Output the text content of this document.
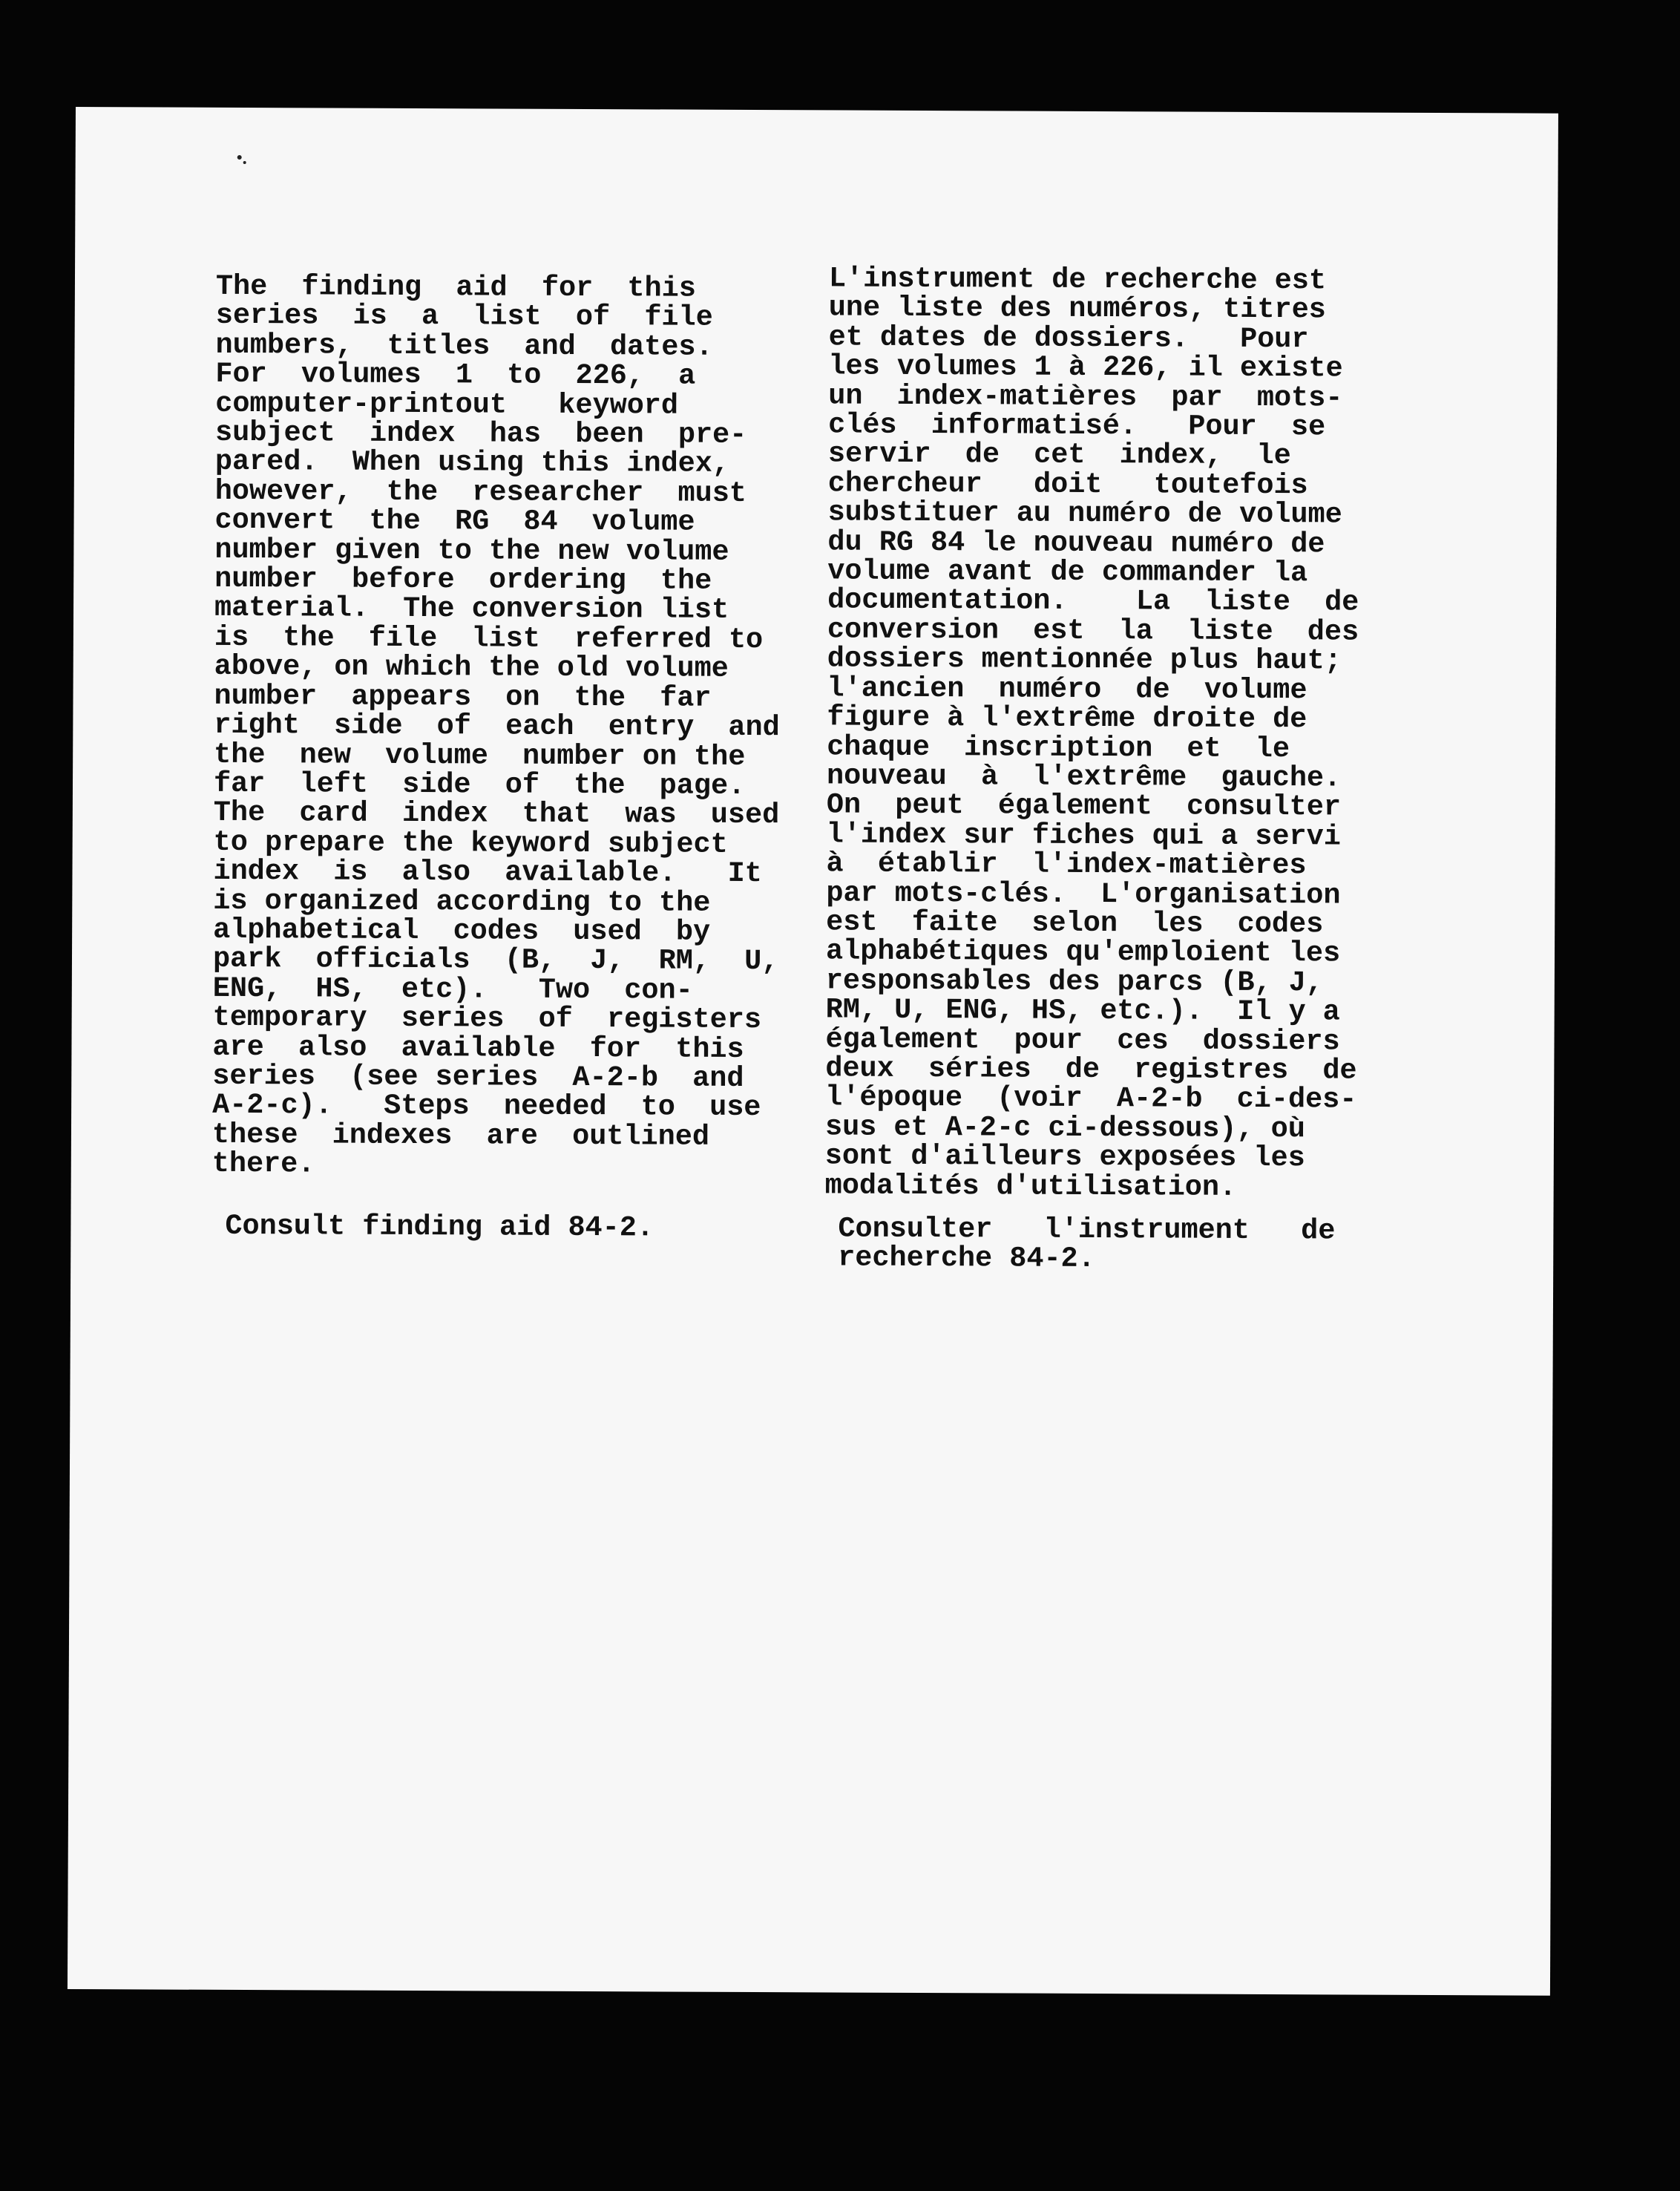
The  finding  aid  for  this
series  is  a  list  of  file
numbers,  titles  and  dates.
For  volumes  1  to  226,  a
computer-printout   keyword
subject  index  has  been  pre-
pared.  When using this index,
however,  the  researcher  must
convert  the  RG  84  volume
number given to the new volume
number  before  ordering  the
material.  The conversion list
is  the  file  list  referred to
above, on which the old volume
number  appears  on  the  far
right  side  of  each  entry  and
the  new  volume  number on the
far  left  side  of  the  page.
The  card  index  that  was  used
to prepare the keyword subject
index  is  also  available.   It
is organized according to the
alphabetical  codes  used  by
park  officials  (B,  J,  RM,  U,
ENG,  HS,  etc).   Two  con-
temporary  series  of  registers
are  also  available  for  this
series  (see series  A-2-b  and
A-2-c).   Steps  needed  to  use
these  indexes  are  outlined
there.
L'instrument de recherche est
une liste des numéros, titres
et dates de dossiers.   Pour
les volumes 1 à 226, il existe
un  index-matières  par  mots-
clés  informatisé.   Pour  se
servir  de  cet  index,  le
chercheur   doit   toutefois
substituer au numéro de volume
du RG 84 le nouveau numéro de
volume avant de commander la
documentation.    La  liste  de
conversion  est  la  liste  des
dossiers mentionnée plus haut;
l'ancien  numéro  de  volume
figure à l'extrême droite de
chaque  inscription  et  le
nouveau  à  l'extrême  gauche.
On  peut  également  consulter
l'index sur fiches qui a servi
à  établir  l'index-matières
par mots-clés.  L'organisation
est  faite  selon  les  codes
alphabétiques qu'emploient les
responsables des parcs (B, J,
RM, U, ENG, HS, etc.).  Il y a
également  pour  ces  dossiers
deux  séries  de  registres  de
l'époque  (voir  A-2-b  ci-des-
sus et A-2-c ci-dessous), où
sont d'ailleurs exposées les
modalités d'utilisation.
Consult finding aid 84-2.	Consulter   l'instrument   de
recherche 84-2.
